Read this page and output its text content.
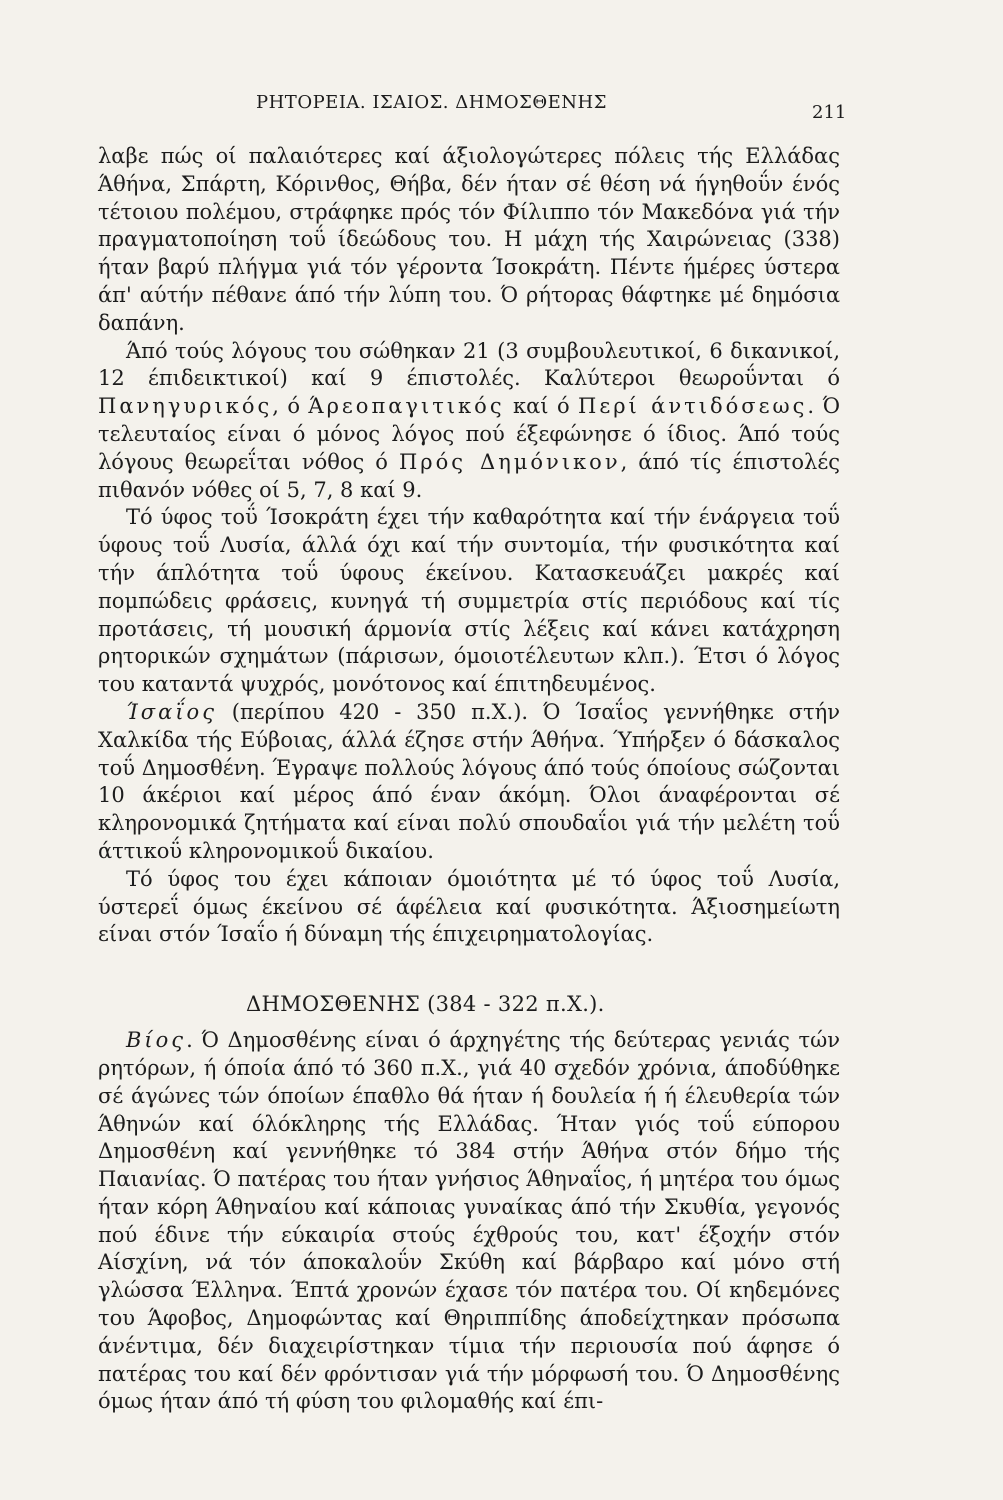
ΡΗΤΟΡΕΙΑ. ΙΣΑΙΟΣ. ΔΗΜΟΣΘΕΝΗΣ	211

λαβε πώς οί παλαιότερες καί άξιολογώτερες πόλεις τής Ελλάδας Άθήνα, Σπάρτη, Κόρινθος, Θήβα, δέν ήταν σέ θέση νά ήγηθοΰν ένός τέτοιου πολέμου, στράφηκε πρός τόν Φίλιππο τόν Μακεδόνα γιά τήν πραγματοποίηση τοΰ ίδεώδους του. Η μάχη τής Χαιρώνειας (338) ήταν βαρύ πλήγμα γιά τόν γέροντα Ίσοκράτη. Πέντε ήμέρες ύστερα άπ' αύτήν πέθανε άπό τήν λύπη του. Ό ρήτορας θάφτηκε μέ δημόσια δαπάνη.

Άπό τούς λόγους του σώθηκαν 21 (3 συμβουλευτικοί, 6 δικανικοί, 12 έπιδεικτικοί) καί 9 έπιστολές. Καλύτεροι θεωροΰνται ό Πανηγυρικός, ό Άρεοπαγιτικός καί ό Περί άντιδόσεως. Ό τελευταίος είναι ό μόνος λόγος πού έξεφώνησε ό ίδιος. Άπό τούς λόγους θεωρεΐται νόθος ό Πρός Δημόνικον, άπό τίς έπιστολές πιθανόν νόθες οί 5, 7, 8 καί 9.

Τό ύφος τοΰ Ίσοκράτη έχει τήν καθαρότητα καί τήν ένάργεια τοΰ ύφους τοΰ Λυσία, άλλά όχι καί τήν συντομία, τήν φυσικότητα καί τήν άπλότητα τοΰ ύφους έκείνου. Κατασκευάζει μακρές καί πομπώδεις φράσεις, κυνηγά τή συμμετρία στίς περιόδους καί τίς προτάσεις, τή μουσική άρμονία στίς λέξεις καί κάνει κατάχρηση ρητορικών σχημάτων (πάρισων, όμοιοτέλευτων κλπ.). Έτσι ό λόγος του καταντά ψυχρός, μονότονος καί έπιτηδευμένος.

Ίσαΐος (περίπου 420 - 350 π.Χ.). Ό Ίσαΐος γεννήθηκε στήν Χαλκίδα τής Εύβοιας, άλλά έζησε στήν Άθήνα. Ύπήρξεν ό δάσκαλος τοΰ Δημοσθένη. Έγραψε πολλούς λόγους άπό τούς όποίους σώζονται 10 άκέριοι καί μέρος άπό έναν άκόμη. Όλοι άναφέρονται σέ κληρονομικά ζητήματα καί είναι πολύ σπουδαΐοι γιά τήν μελέτη τοΰ άττικοΰ κληρονομικοΰ δικαίου.

Τό ύφος του έχει κάποιαν όμοιότητα μέ τό ύφος τοΰ Λυσία, ύστερεΐ όμως έκείνου σέ άφέλεια καί φυσικότητα. Άξιοσημείωτη είναι στόν Ίσαΐο ή δύναμη τής έπιχειρηματολογίας.

ΔΗΜΟΣΘΕΝΗΣ (384 - 322 π.Χ.).

Βίος. Ό Δημοσθένης είναι ό άρχηγέτης τής δεύτερας γενιάς τών ρητόρων, ή όποία άπό τό 360 π.Χ., γιά 40 σχεδόν χρόνια, άποδύθηκε σέ άγώνες τών όποίων έπαθλο θά ήταν ή δουλεία ή ή έλευθερία τών Άθηνών καί όλόκληρης τής Ελλάδας. Ήταν γιός τοΰ εύπορου Δημοσθένη καί γεννήθηκε τό 384 στήν Άθήνα στόν δήμο τής Παιανίας. Ό πατέρας του ήταν γνήσιος Άθηναΐος, ή μητέρα του όμως ήταν κόρη Άθηναίου καί κάποιας γυναίκας άπό τήν Σκυθία, γεγονός πού έδινε τήν εύκαιρία στούς έχθρούς του, κατ' έξοχήν στόν Αίσχίνη, νά τόν άποκαλοΰν Σκύθη καί βάρβαρο καί μόνο στή γλώσσα Έλληνα. Έπτά χρονών έχασε τόν πατέρα του. Οί κηδεμόνες του Άφοβος, Δημοφώντας καί Θηριππίδης άποδείχτηκαν πρόσωπα άνέντιμα, δέν διαχειρίστηκαν τίμια τήν περιουσία πού άφησε ό πατέρας του καί δέν φρόντισαν γιά τήν μόρφωσή του. Ό Δημοσθένης όμως ήταν άπό τή φύση του φιλομαθής καί έπι-
